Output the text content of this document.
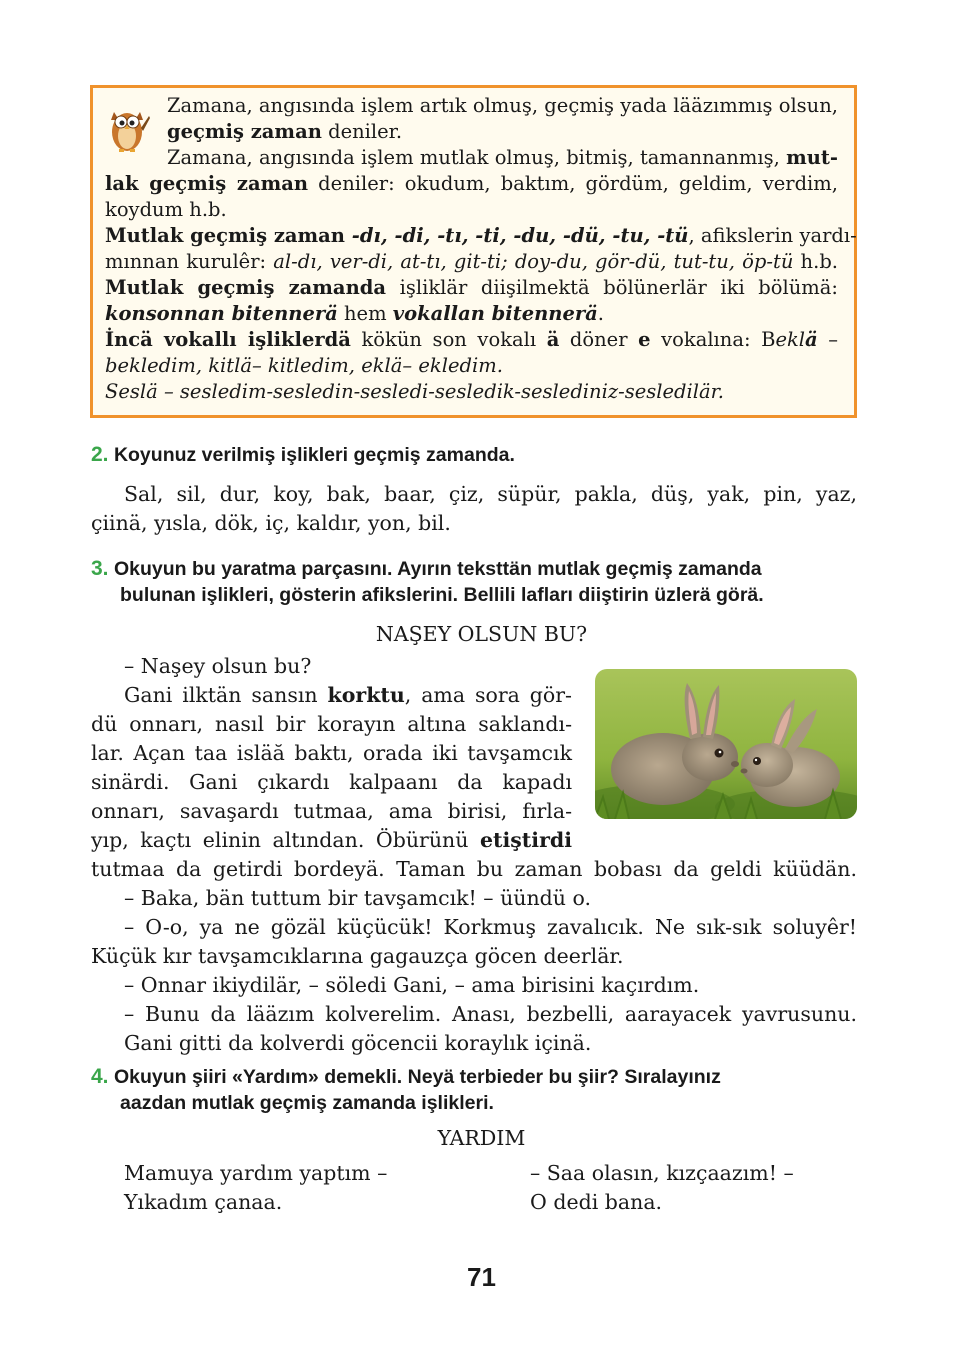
Zamana, angısında işlem artık olmuş, geçmiş yada lääzımmış olsun,
geçmiş zaman deniler.
Zamana, angısında işlem mutlak olmuş, bitmiş, tamannanmış, mut-
lak geçmiş zaman deniler: okudum, baktım, gördüm, geldim, verdim,
koydum h.b.
Mutlak geçmiş zaman -dı, -di, -tı, -ti, -du, -dü, -tu, -tü, afikslerin yardı-
mınnan kurulêr: al-dı, ver-di, at-tı, git-ti; doy-du, gör-dü, tut-tu, öp-tü h.b.
Mutlak geçmiş zamanda işliklär diişilmektä bölünerlär iki bölümä:
konsonnan bitennerä hem vokallan bitennerä.
İncä vokallı işliklerdä kökün son vokalı ä döner e vokalına: Beklä –
bekledim, kitlä– kitledim, eklä– ekledim.
Seslä – sesledim-sesledin-sesledi-sesledik-seslediniz-sesledilär.
2. Koyunuz verilmiş işlikleri geçmiş zamanda.
Sal, sil, dur, koy, bak, baar, çiz, süpür, pakla, düş, yak, pin, yaz,
çiinä, yısla, dök, iç, kaldır, yon, bil.
3. Okuyun bu yaratma parçasını. Ayırın teksttän mutlak geçmiş zamanda
bulunan işlikleri, gösterin afikslerini. Bellili lafları diiştirin üzlerä görä.
NAŞEY OLSUN BU?
– Naşey olsun bu?
Gani ilktän sansın korktu, ama sora gör-
dü onnarı, nasıl bir korayın altına saklandı-
lar. Açan taa isläă baktı, orada iki tavşamcık
sinärdi. Gani çıkardı kalpaanı da kapadı
onnarı, savaşardı tutmaa, ama birisi, fırla-
yıp, kaçtı elinin altından. Öbürünü etiştirdi
tutmaa da getirdi bordeyä. Taman bu zaman bobası da geldi küüdän.
– Baka, bän tuttum bir tavşamcık! – üündü o.
– O-o, ya ne gözäl küçücük! Korkmuş zavalıcık. Ne sık-sık soluyêr!
Küçük kır tavşamcıklarına gagauzça göcen deerlär.
– Onnar ikiydilär, – söledi Gani, – ama birisini kaçırdım.
– Bunu da lääzım kolverelim. Anası, bezbelli, aarayacek yavrusunu.
Gani gitti da kolverdi göcencii koraylık içinä.
4. Okuyun şiiri «Yardım» demekli. Neyä terbieder bu şiir? Sıralayınız
aazdan mutlak geçmiş zamanda işlikleri.
YARDIM
Mamuya yardım yaptım –
Yıkadım çanaa.
– Saa olasın, kızçaazım! –
O dedi bana.
71
